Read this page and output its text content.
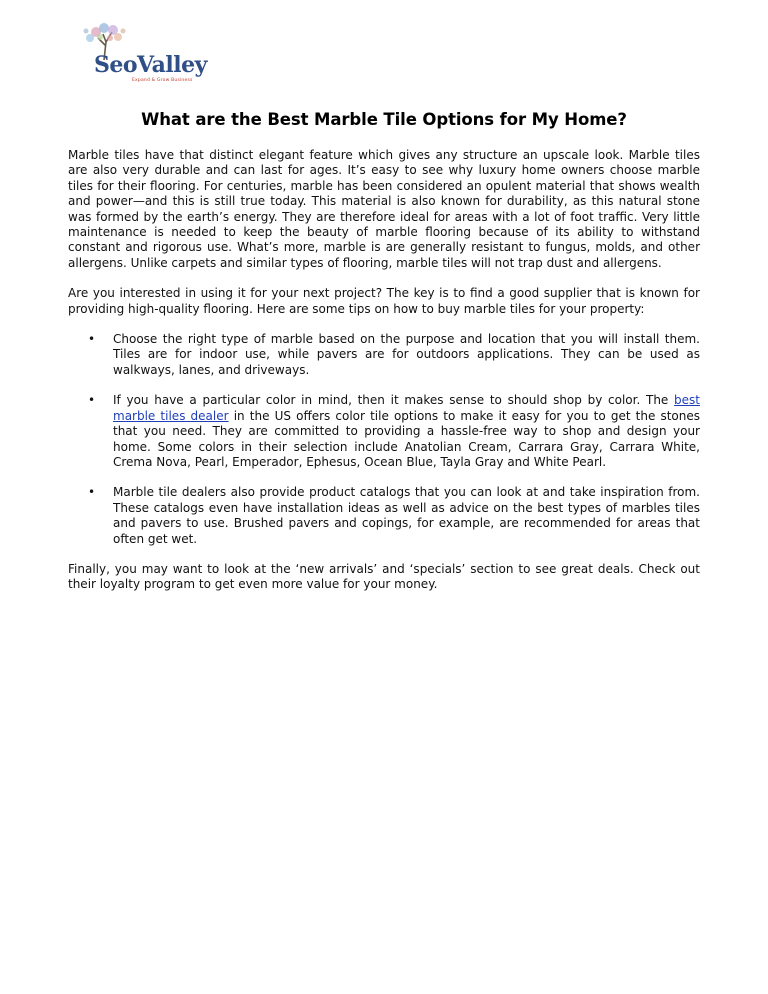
SeoValley
Expand & Grow Business
What are the Best Marble Tile Options for My Home?

Marble tiles have that distinct elegant feature which gives any structure an upscale look. Marble tiles are also very durable and can last for ages. It’s easy to see why luxury home owners choose marble tiles for their flooring. For centuries, marble has been considered an opulent material that shows wealth and power—and this is still true today. This material is also known for durability, as this natural stone was formed by the earth’s energy. They are therefore ideal for areas with a lot of foot traffic. Very little maintenance is needed to keep the beauty of marble flooring because of its ability to withstand constant and rigorous use. What’s more, marble is are generally resistant to fungus, molds, and other allergens. Unlike carpets and similar types of flooring, marble tiles will not trap dust and allergens.

Are you interested in using it for your next project? The key is to find a good supplier that is known for providing high-quality flooring. Here are some tips on how to buy marble tiles for your property:

• Choose the right type of marble based on the purpose and location that you will install them. Tiles are for indoor use, while pavers are for outdoors applications. They can be used as walkways, lanes, and driveways.
• If you have a particular color in mind, then it makes sense to should shop by color. The best marble tiles dealer in the US offers color tile options to make it easy for you to get the stones that you need. They are committed to providing a hassle-free way to shop and design your home. Some colors in their selection include Anatolian Cream, Carrara Gray, Carrara White, Crema Nova, Pearl, Emperador, Ephesus, Ocean Blue, Tayla Gray and White Pearl.
• Marble tile dealers also provide product catalogs that you can look at and take inspiration from. These catalogs even have installation ideas as well as advice on the best types of marbles tiles and pavers to use. Brushed pavers and copings, for example, are recommended for areas that often get wet.

Finally, you may want to look at the ‘new arrivals’ and ‘specials’ section to see great deals. Check out their loyalty program to get even more value for your money.
